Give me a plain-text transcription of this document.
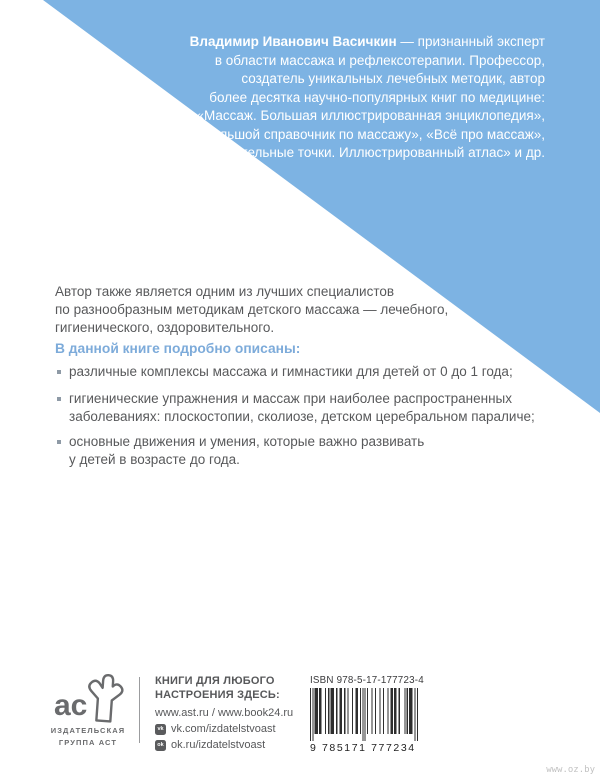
Владимир Иванович Васичкин — признанный эксперт
в области массажа и рефлексотерапии. Профессор,
создатель уникальных лечебных методик, автор
более десятка научно-популярных книг по медицине:
«Массаж. Большая иллюстрированная энциклопедия»,
«Большой справочник по массажу», «Всё про массаж»,
«Целительные точки. Иллюстрированный атлас» и др.
Автор также является одним из лучших специалистов
по разнообразным методикам детского массажа — лечебного,
гигиенического, оздоровительного.
В данной книге подробно описаны:
различные комплексы массажа и гимнастики для детей от 0 до 1 года;
гигиенические упражнения и массаж при наиболее распространенных
заболеваниях: плоскостопии, сколиозе, детском церебральном параличе;
основные движения и умения, которые важно развивать
у детей в возрасте до года.
ас
ИЗДАТЕЛЬСКАЯ
ГРУППА АСТ
КНИГИ ДЛЯ ЛЮБОГО
НАСТРОЕНИЯ ЗДЕСЬ:
www.ast.ru / www.book24.ru
vk vk.com/izdatelstvoast
ok ok.ru/izdatelstvoast
ISBN 978-5-17-177723-4
9 785171 777234
www.oz.by
